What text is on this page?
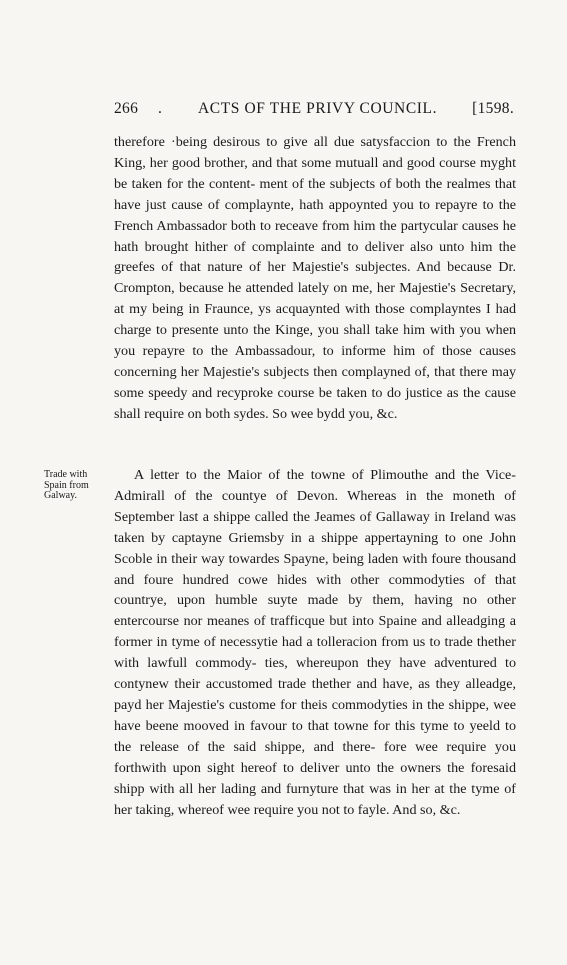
266 . ACTS OF THE PRIVY COUNCIL. [1598.

therefore ·being desirous to give all due satysfaccion to the French King, her good brother, and that some mutuall and good course myght be taken for the content- ment of the subjects of both the realmes that have just cause of complaynte, hath appoynted you to repayre to the French Ambassador both to receave from him the partycular causes he hath brought hither of complainte and to deliver also unto him the greefes of that nature of her Majestie's subjectes. And because Dr. Crompton, because he attended lately on me, her Majestie's Secretary, at my being in Fraunce, ys acquaynted with those complayntes I had charge to presente unto the Kinge, you shall take him with you when you repayre to the Ambassadour, to informe him of those causes concerning her Majestie's subjects then complayned of, that there may some speedy and recyproke course be taken to do justice as the cause shall require on both sydes. So wee bydd you, &c.

Trade with Spain from Galway.

A letter to the Maior of the towne of Plimouthe and the Vice-Admirall of the countye of Devon. Whereas in the moneth of September last a shippe called the Jeames of Gallaway in Ireland was taken by captayne Griemsby in a shippe appertayning to one John Scoble in their way towardes Spayne, being laden with foure thousand and foure hundred cowe hides with other commodyties of that countrye, upon humble suyte made by them, having no other entercourse nor meanes of trafficque but into Spaine and alleadging a former in tyme of necessytie had a tolleracion from us to trade thether with lawfull commody- ties, whereupon they have adventured to contynew their accustomed trade thether and have, as they alleadge, payd her Majestie's custome for theis commodyties in the shippe, wee have beene mooved in favour to that towne for this tyme to yeeld to the release of the said shippe, and there- fore wee require you forthwith upon sight hereof to deliver unto the owners the foresaid shipp with all her lading and furnyture that was in her at the tyme of her taking, whereof wee require you not to fayle. And so, &c.
